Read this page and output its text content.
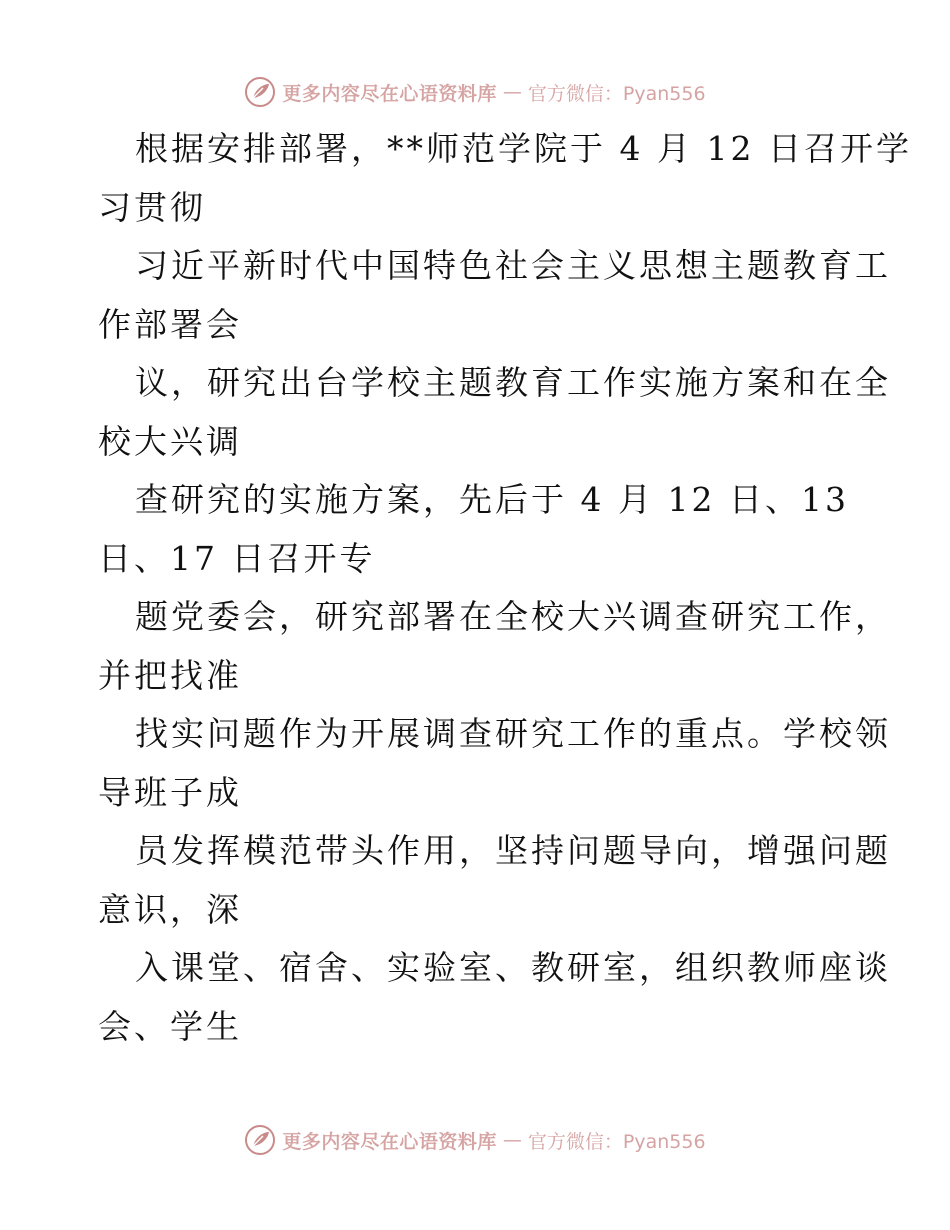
更多内容尽在心语资料库 — 官方微信：Pyan556
根据安排部署，**师范学院于 4 月 12 日召开学
习贯彻
习近平新时代中国特色社会主义思想主题教育工
作部署会
议，研究出台学校主题教育工作实施方案和在全
校大兴调
查研究的实施方案，先后于 4 月 12 日、13
日、17 日召开专
题党委会，研究部署在全校大兴调查研究工作，
并把找准
找实问题作为开展调查研究工作的重点。学校领
导班子成
员发挥模范带头作用，坚持问题导向，增强问题
意识，深
入课堂、宿舍、实验室、教研室，组织教师座谈
会、学生
更多内容尽在心语资料库 — 官方微信：Pyan556
